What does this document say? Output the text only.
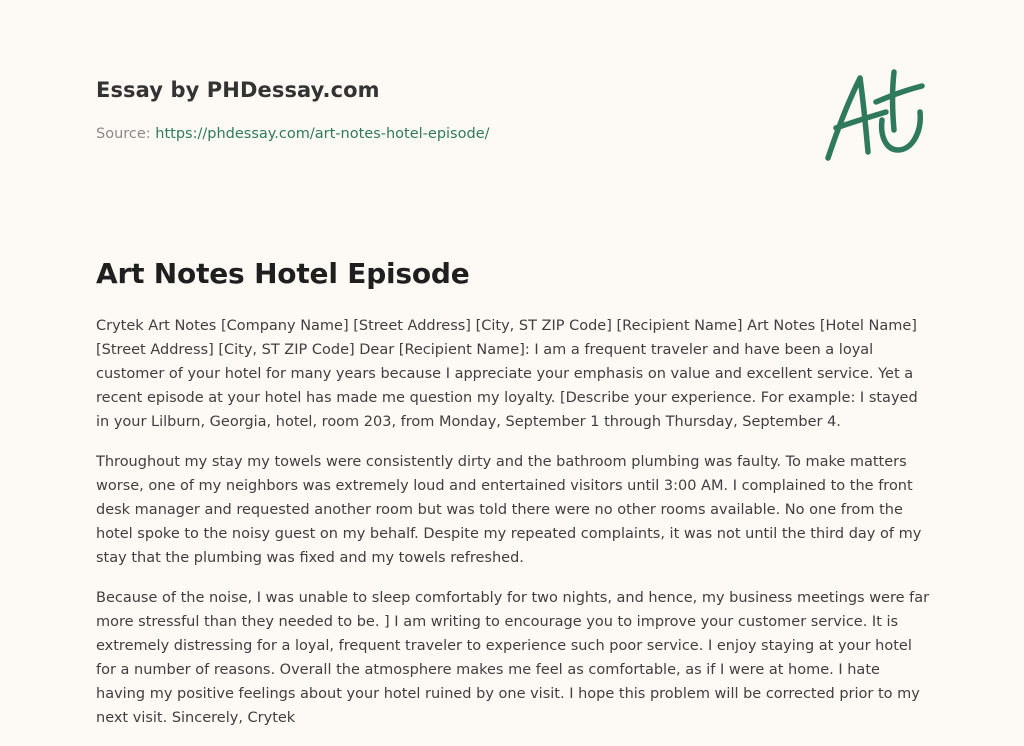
Essay by PHDessay.com
Source: https://phdessay.com/art-notes-hotel-episode/
Art Notes Hotel Episode

Crytek Art Notes [Company Name] [Street Address] [City, ST ZIP Code] [Recipient Name] Art Notes [Hotel Name] [Street Address] [City, ST ZIP Code] Dear [Recipient Name]: I am a frequent traveler and have been a loyal customer of your hotel for many years because I appreciate your emphasis on value and excellent service. Yet a recent episode at your hotel has made me question my loyalty. [Describe your experience. For example: I stayed in your Lilburn, Georgia, hotel, room 203, from Monday, September 1 through Thursday, September 4.

Throughout my stay my towels were consistently dirty and the bathroom plumbing was faulty. To make matters worse, one of my neighbors was extremely loud and entertained visitors until 3:00 AM. I complained to the front desk manager and requested another room but was told there were no other rooms available. No one from the hotel spoke to the noisy guest on my behalf. Despite my repeated complaints, it was not until the third day of my stay that the plumbing was fixed and my towels refreshed.

Because of the noise, I was unable to sleep comfortably for two nights, and hence, my business meetings were far more stressful than they needed to be. ] I am writing to encourage you to improve your customer service. It is extremely distressing for a loyal, frequent traveler to experience such poor service. I enjoy staying at your hotel for a number of reasons. Overall the atmosphere makes me feel as comfortable, as if I were at home. I hate having my positive feelings about your hotel ruined by one visit. I hope this problem will be corrected prior to my next visit. Sincerely, Crytek
